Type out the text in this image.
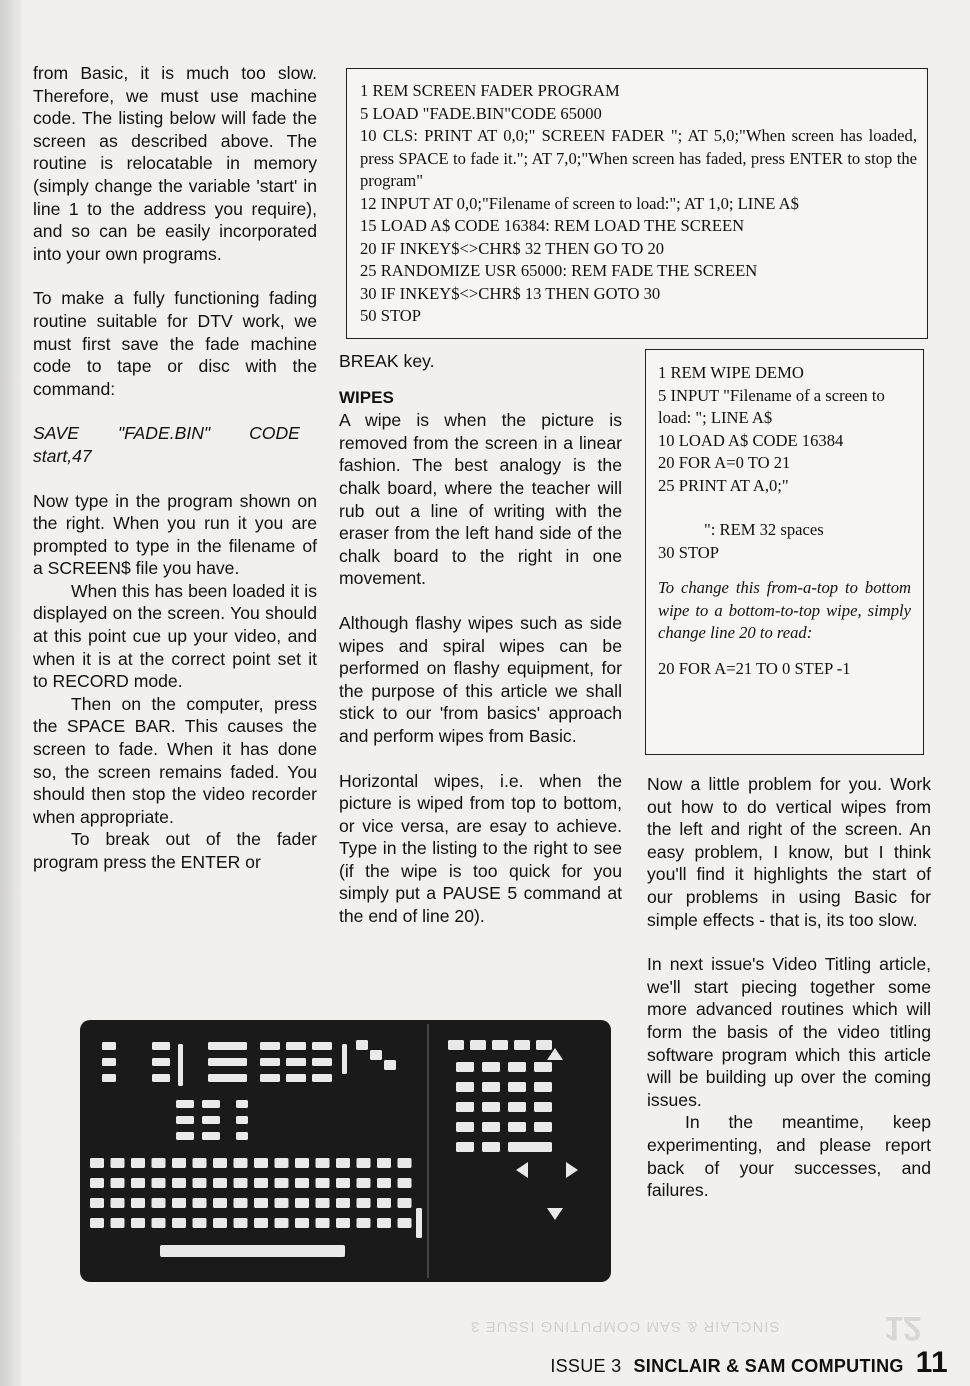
from Basic, it is much too slow. Therefore, we must use machine code. The listing below will fade the screen as described above. The routine is relocatable in memory (simply change the variable 'start' in line 1 to the address you require), and so can be easily incorporated into your own programs.

To make a fully functioning fading routine suitable for DTV work, we must first save the fade machine code to tape or disc with the command:

SAVE "FADE.BIN" CODE
start,47

Now type in the program shown on the right. When you run it you are prompted to type in the filename of a SCREEN$ file you have.

When this has been loaded it is displayed on the screen. You should at this point cue up your video, and when it is at the correct point set it to RECORD mode.

Then on the computer, press the SPACE BAR. This causes the screen to fade. When it has done so, the screen remains faded. You should then stop the video recorder when appropriate.

To break out of the fader program press the ENTER or

1 REM SCREEN FADER PROGRAM
5 LOAD "FADE.BIN"CODE 65000
10 CLS: PRINT AT 0,0;" SCREEN FADER "; AT 5,0;"When screen has loaded, press SPACE to fade it."; AT 7,0;"When screen has faded, press ENTER to stop the program"
12 INPUT AT 0,0;"Filename of screen to load:"; AT 1,0; LINE A$
15 LOAD A$ CODE 16384: REM LOAD THE SCREEN
20 IF INKEY$<>CHR$ 32 THEN GO TO 20
25 RANDOMIZE USR 65000: REM FADE THE SCREEN
30 IF INKEY$<>CHR$ 13 THEN GOTO 30
50 STOP

BREAK key.

WIPES

A wipe is when the picture is removed from the screen in a linear fashion. The best analogy is the chalk board, where the teacher will rub out a line of writing with the eraser from the left hand side of the chalk board to the right in one movement.

Although flashy wipes such as side wipes and spiral wipes can be performed on flashy equipment, for the purpose of this article we shall stick to our 'from basics' approach and perform wipes from Basic.

Horizontal wipes, i.e. when the picture is wiped from top to bottom, or vice versa, are esay to achieve. Type in the listing to the right to see (if the wipe is too quick for you simply put a PAUSE 5 command at the end of line 20).

1 REM WIPE DEMO
5 INPUT "Filename of a screen to load: "; LINE A$
10 LOAD A$ CODE 16384
20 FOR A=0 TO 21
25 PRINT AT A,0;"
": REM 32 spaces
30 STOP
To change this from-a-top to bottom wipe to a bottom-to-top wipe, simply change line 20 to read:
20 FOR A=21 TO 0 STEP -1

Now a little problem for you. Work out how to do vertical wipes from the left and right of the screen. An easy problem, I know, but I think you'll find it highlights the start of our problems in using Basic for simple effects - that is, its too slow.

In next issue's Video Titling article, we'll start piecing together some more advanced routines which will form the basis of the video titling software program which this article will be building up over the coming issues.

In the meantime, keep experimenting, and please report back of your successes, and failures.

SINCLAIR & SAM COMPUTING ISSUE 3	12
ISSUE 3 SINCLAIR & SAM COMPUTING 11
